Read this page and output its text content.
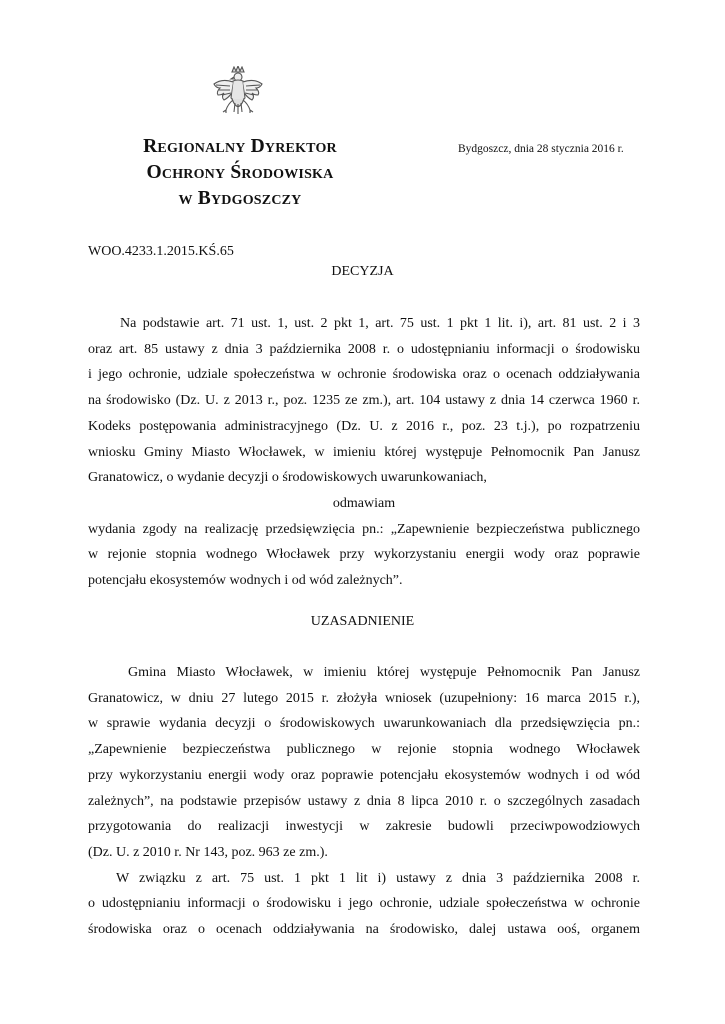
Regionalny Dyrektor
Ochrony Środowiska
w Bydgoszczy
Bydgoszcz, dnia 28 stycznia 2016 r.
WOO.4233.1.2015.KŚ.65
DECYZJA
Na podstawie art. 71 ust. 1, ust. 2 pkt 1, art. 75 ust. 1 pkt 1 lit. i), art. 81 ust. 2 i 3
oraz art. 85 ustawy z dnia 3 października 2008 r. o udostępnianiu informacji o środowisku
i jego ochronie, udziale społeczeństwa w ochronie środowiska oraz o ocenach oddziaływania
na środowisko (Dz. U. z 2013 r., poz. 1235 ze zm.), art. 104 ustawy z dnia 14 czerwca 1960 r.
Kodeks postępowania administracyjnego (Dz. U. z 2016 r., poz. 23 t.j.), po rozpatrzeniu
wniosku Gminy Miasto Włocławek, w imieniu której występuje Pełnomocnik Pan Janusz
Granatowicz, o wydanie decyzji o środowiskowych uwarunkowaniach,
odmawiam
wydania zgody na realizację przedsięwzięcia pn.: „Zapewnienie bezpieczeństwa publicznego
w rejonie stopnia wodnego Włocławek przy wykorzystaniu energii wody oraz poprawie
potencjału ekosystemów wodnych i od wód zależnych”.
UZASADNIENIE
Gmina Miasto Włocławek, w imieniu której występuje Pełnomocnik Pan Janusz
Granatowicz, w dniu 27 lutego 2015 r. złożyła wniosek (uzupełniony: 16 marca 2015 r.),
w sprawie wydania decyzji o środowiskowych uwarunkowaniach dla przedsięwzięcia pn.:
„Zapewnienie bezpieczeństwa publicznego w rejonie stopnia wodnego Włocławek
przy wykorzystaniu energii wody oraz poprawie potencjału ekosystemów wodnych i od wód
zależnych”, na podstawie przepisów ustawy z dnia 8 lipca 2010 r. o szczególnych zasadach
przygotowania do realizacji inwestycji w zakresie budowli przeciwpowodziowych
(Dz. U. z 2010 r. Nr 143, poz. 963 ze zm.).
W związku z art. 75 ust. 1 pkt 1 lit i) ustawy z dnia 3 października 2008 r.
o udostępnianiu informacji o środowisku i jego ochronie, udziale społeczeństwa w ochronie
środowiska oraz o ocenach oddziaływania na środowisko, dalej ustawa ooś, organem
